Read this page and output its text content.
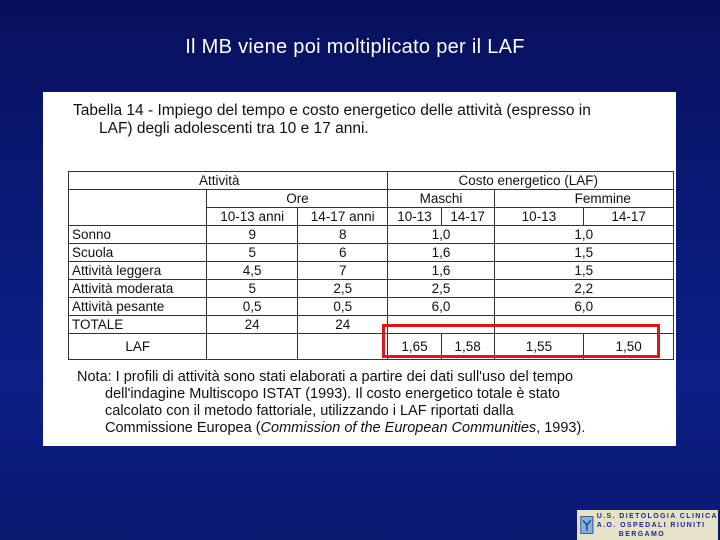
Il MB viene poi moltiplicato per il LAF
Tabella 14 - Impiego del tempo e costo energetico delle attività (espresso in
LAF) degli adolescenti tra 10 e 17 anni.
Attività			Costo energetico (LAF)			
	Ore		Maschi		Femmine	
	10-13 anni	14-17 anni	10-13	14-17	10-13	14-17
Sonno	9	8	1,0		1,0	
Scuola	5	6	1,6		1,5	
Attività leggera	4,5	7	1,6		1,5	
Attività moderata	5	2,5	2,5		2,2	
Attività pesante	0,5	0,5	6,0		6,0	
TOTALE	24	24				
LAF			1,65	1,58	1,55	1,50
Nota: I profili di attività sono stati elaborati a partire dei dati sull'uso del tempo
dell'indagine Multiscopo ISTAT (1993). Il costo energetico totale è stato
calcolato con il metodo fattoriale, utilizzando i LAF riportati dalla
Commissione Europea (Commission of the European Communities, 1993).
U.S. DIETOLOGIA CLINICA
A.O. OSPEDALI RIUNITI
BERGAMO
